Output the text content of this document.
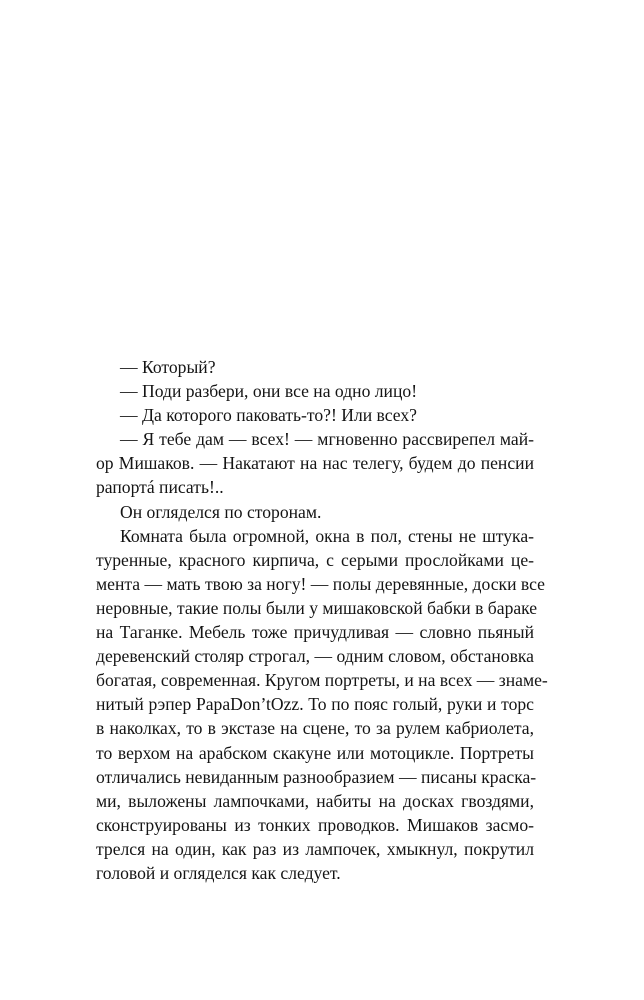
— Который?
— Поди разбери, они все на одно лицо!
— Да которого паковать-то?! Или всех?
— Я тебе дам — всех! — мгновенно рассвирепел май-
ор Мишаков. — Накатают на нас телегу, будем до пенсии
рапортá писать!..
Он огляделся по сторонам.
Комната была огромной, окна в пол, стены не штука-
туренные, красного кирпича, с серыми прослойками це-
мента — мать твою за ногу! — полы деревянные, доски все
неровные, такие полы были у мишаковской бабки в бараке
на Таганке. Мебель тоже причудливая — словно пьяный
деревенский столяр строгал, — одним словом, обстановка
богатая, современная. Кругом портреты, и на всех — знаме-
нитый рэпер PapaDon’tOzz. То по пояс голый, руки и торс
в наколках, то в экстазе на сцене, то за рулем кабриолета,
то верхом на арабском скакуне или мотоцикле. Портреты
отличались невиданным разнообразием — писаны краска-
ми, выложены лампочками, набиты на досках гвоздями,
сконструированы из тонких проводков. Мишаков засмо-
трелся на один, как раз из лампочек, хмыкнул, покрутил
головой и огляделся как следует.
